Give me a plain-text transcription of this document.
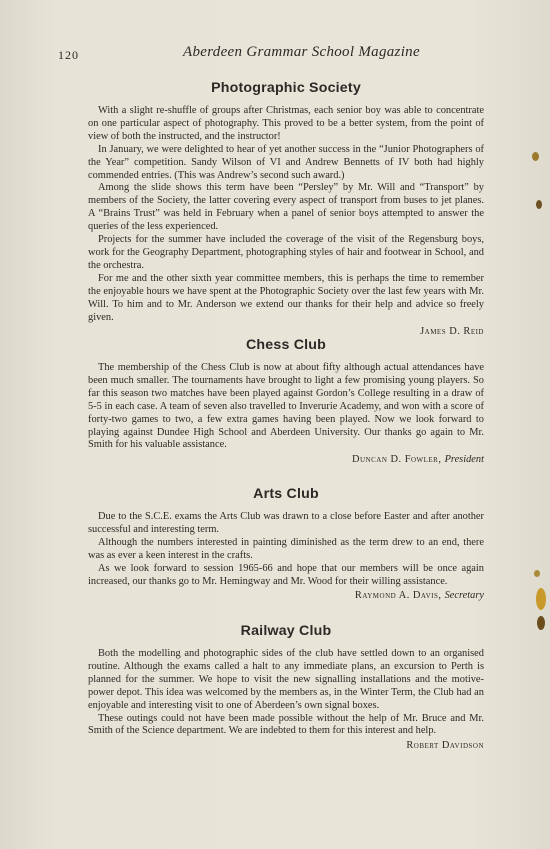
120	Aberdeen Grammar School Magazine
Photographic Society

With a slight re-shuffle of groups after Christmas, each senior boy was able to concentrate on one particular aspect of photography. This proved to be a better system, from the point of view of both the instructed, and the instructor!

In January, we were delighted to hear of yet another success in the “Junior Photographers of the Year” competition. Sandy Wilson of VI and Andrew Bennetts of IV both had highly commended entries. (This was Andrew’s second such award.)

Among the slide shows this term have been “Persley” by Mr. Will and “Transport” by members of the Society, the latter covering every aspect of transport from buses to jet planes. A “Brains Trust” was held in February when a panel of senior boys attempted to answer the queries of the less experienced.

Projects for the summer have included the coverage of the visit of the Regensburg boys, work for the Geography Department, photographing styles of hair and footwear in School, and the orchestra.

For me and the other sixth year committee members, this is perhaps the time to remember the enjoyable hours we have spent at the Photographic Society over the last few years with Mr. Will. To him and to Mr. Anderson we extend our thanks for their help and advice so freely given.

James D. Reid
Chess Club

The membership of the Chess Club is now at about fifty although actual attendances have been much smaller. The tournaments have brought to light a few promising young players. So far this season two matches have been played against Gordon’s College resulting in a draw of 5-5 in each case. A team of seven also travelled to Inverurie Academy, and won with a score of forty-two games to two, a few extra games having been played. Now we look forward to playing against Dundee High School and Aberdeen University. Our thanks go again to Mr. Smith for his valuable assistance.

Duncan D. Fowler, President
Arts Club

Due to the S.C.E. exams the Arts Club was drawn to a close before Easter and after another successful and interesting term.

Although the numbers interested in painting diminished as the term drew to an end, there was as ever a keen interest in the crafts.

As we look forward to session 1965-66 and hope that our members will be once again increased, our thanks go to Mr. Hemingway and Mr. Wood for their willing assistance.

Raymond A. Davis, Secretary
Railway Club

Both the modelling and photographic sides of the club have settled down to an organised routine. Although the exams called a halt to any immediate plans, an excursion to Perth is planned for the summer. We hope to visit the new signalling installations and the motive-power depot. This idea was welcomed by the members as, in the Winter Term, the Club had an enjoyable and interesting visit to one of Aberdeen’s own signal boxes.

These outings could not have been made possible without the help of Mr. Bruce and Mr. Smith of the Science department. We are indebted to them for this interest and help.

Robert Davidson
